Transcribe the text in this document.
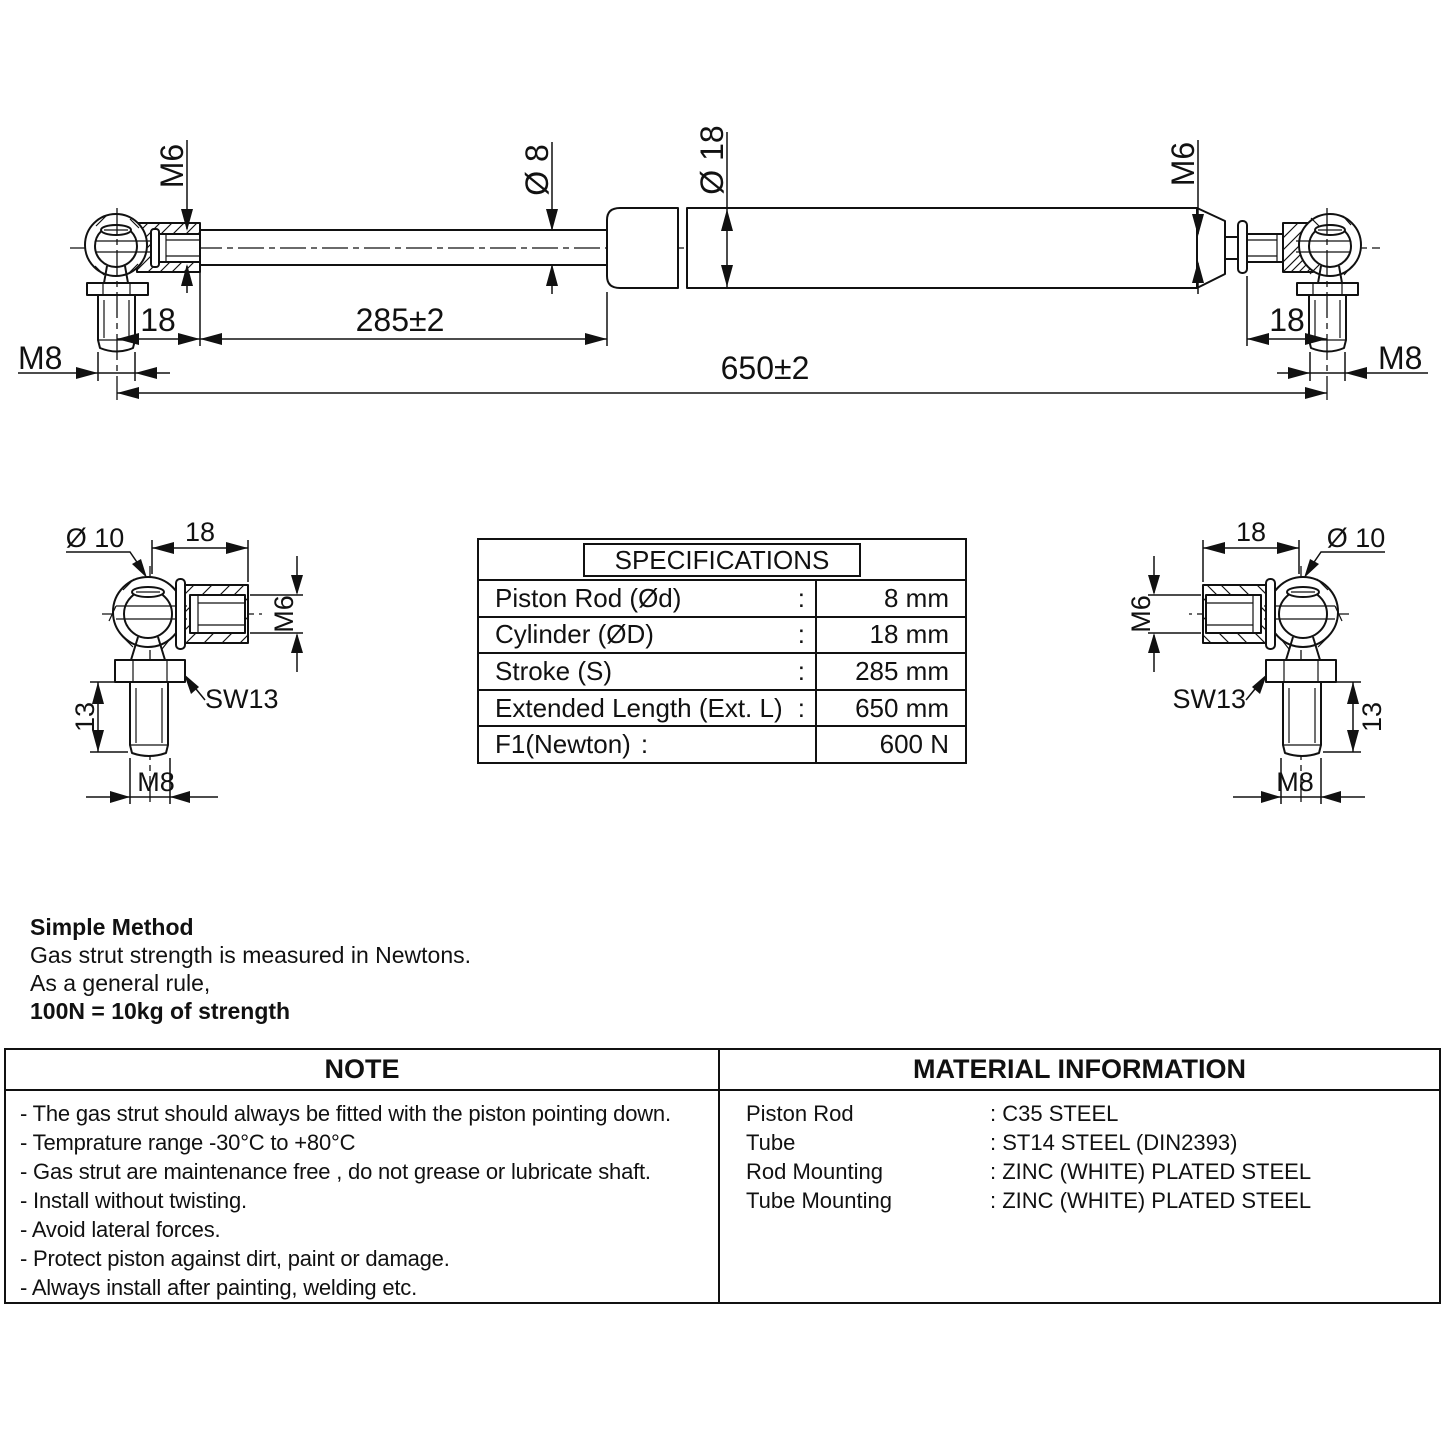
M6	Ø 8	Ø 18	M6
18	285±2	18
M8	M8
650±2
Ø 10 18
M6
SW13
13
M8
Ø 10
18
M6
SW13
13
M8
SPECIFICATIONS
Piston Rod (Ød)	:	8 mm
Cylinder (ØD)	:	18 mm
Stroke (S)	:	285 mm
Extended Length (Ext. L) :	650 mm
F1(Newton) :	600 N
Simple Method
Gas strut strength is measured in Newtons.
As a general rule,
100N = 10kg of strength
NOTE	MATERIAL INFORMATION
- The gas strut should always be fitted with the piston pointing down.
- Temprature range -30°C to +80°C
- Gas strut are maintenance free , do not grease or lubricate shaft.
- Install without twisting.
- Avoid lateral forces.
- Protect piston against dirt, paint or damage.
- Always install after painting, welding etc.
Piston Rod	: C35 STEEL
Tube	: ST14 STEEL (DIN2393)
Rod Mounting	: ZINC (WHITE) PLATED STEEL
Tube Mounting	: ZINC (WHITE) PLATED STEEL
